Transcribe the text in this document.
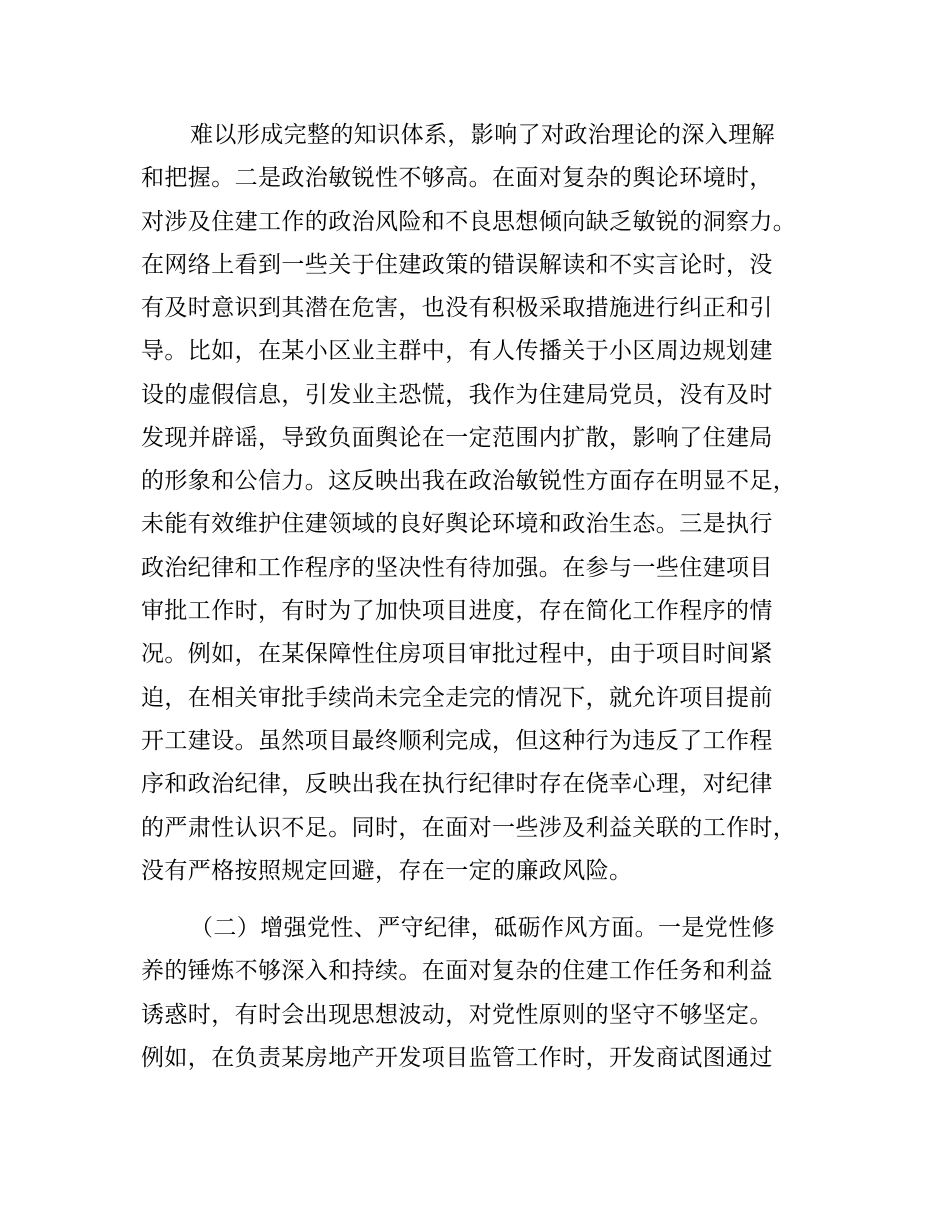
难以形成完整的知识体系，影响了对政治理论的深入理解
和把握。二是政治敏锐性不够高。在面对复杂的舆论环境时，
对涉及住建工作的政治风险和不良思想倾向缺乏敏锐的洞察力。
在网络上看到一些关于住建政策的错误解读和不实言论时，没
有及时意识到其潜在危害，也没有积极采取措施进行纠正和引
导。比如，在某小区业主群中，有人传播关于小区周边规划建
设的虚假信息，引发业主恐慌，我作为住建局党员，没有及时
发现并辟谣，导致负面舆论在一定范围内扩散，影响了住建局
的形象和公信力。这反映出我在政治敏锐性方面存在明显不足，
未能有效维护住建领域的良好舆论环境和政治生态。三是执行
政治纪律和工作程序的坚决性有待加强。在参与一些住建项目
审批工作时，有时为了加快项目进度，存在简化工作程序的情
况。例如，在某保障性住房项目审批过程中，由于项目时间紧
迫，在相关审批手续尚未完全走完的情况下，就允许项目提前
开工建设。虽然项目最终顺利完成，但这种行为违反了工作程
序和政治纪律，反映出我在执行纪律时存在侥幸心理，对纪律
的严肃性认识不足。同时，在面对一些涉及利益关联的工作时，
没有严格按照规定回避，存在一定的廉政风险。
（二）增强党性、严守纪律，砥砺作风方面。一是党性修
养的锤炼不够深入和持续。在面对复杂的住建工作任务和利益
诱惑时，有时会出现思想波动，对党性原则的坚守不够坚定。
例如，在负责某房地产开发项目监管工作时，开发商试图通过
